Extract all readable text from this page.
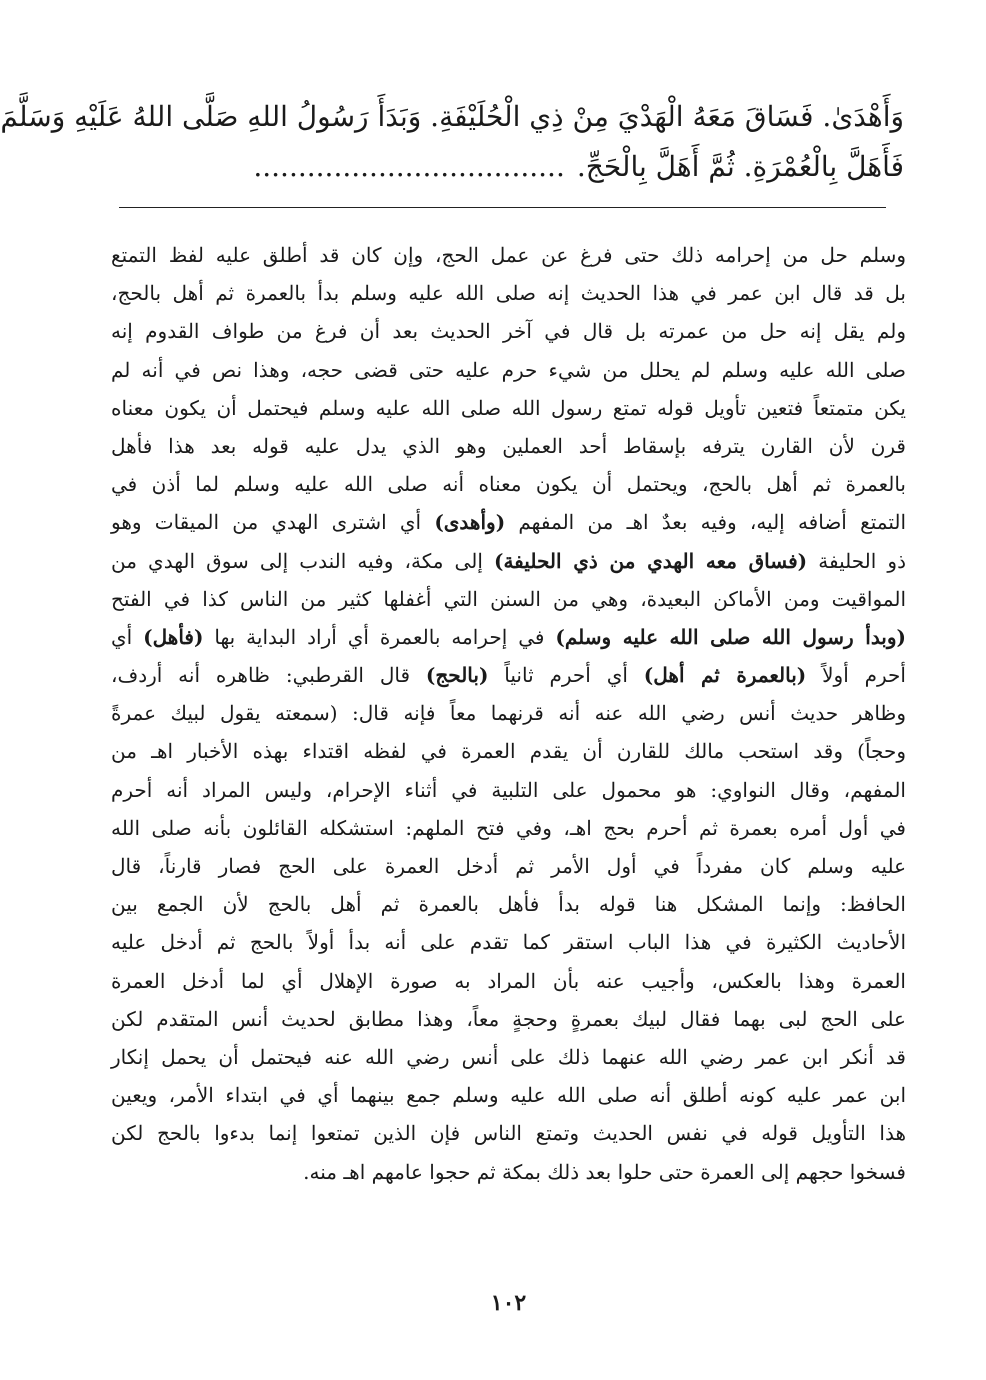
وَأَهْدَىٰ. فَسَاقَ مَعَهُ الْهَدْيَ مِنْ ذِي الْحُلَيْفَةِ. وَبَدَأَ رَسُولُ اللهِ صَلَّى اللهُ عَلَيْهِ وَسَلَّمَ
فَأَهَلَّ بِالْعُمْرَةِ. ثُمَّ أَهَلَّ بِالْحَجِّ....................................
وسلم حل من إحرامه ذلك حتى فرغ عن عمل الحج، وإن كان قد أطلق عليه لفظ التمتع
بل قد قال ابن عمر في هذا الحديث إنه صلى الله عليه وسلم بدأ بالعمرة ثم أهل بالحج،
ولم يقل إنه حل من عمرته بل قال في آخر الحديث بعد أن فرغ من طواف القدوم إنه
صلى الله عليه وسلم لم يحلل من شيء حرم عليه حتى قضى حجه، وهذا نص في أنه لم
يكن متمتعاً فتعين تأويل قوله تمتع رسول الله صلى الله عليه وسلم فيحتمل أن يكون معناه
قرن لأن القارن يترفه بإسقاط أحد العملين وهو الذي يدل عليه قوله بعد هذا فأهل
بالعمرة ثم أهل بالحج، ويحتمل أن يكون معناه أنه صلى الله عليه وسلم لما أذن في
التمتع أضافه إليه، وفيه بعدٌ اهـ من المفهم (وأهدى) أي اشترى الهدي من الميقات وهو
ذو الحليفة (فساق معه الهدي من ذي الحليفة) إلى مكة، وفيه الندب إلى سوق الهدي من
المواقيت ومن الأماكن البعيدة، وهي من السنن التي أغفلها كثير من الناس كذا في الفتح
(وبدأ رسول الله صلى الله عليه وسلم) في إحرامه بالعمرة أي أراد البداية بها (فأهل) أي
أحرم أولاً (بالعمرة ثم أهل) أي أحرم ثانياً (بالحج) قال القرطبي: ظاهره أنه أردف،
وظاهر حديث أنس رضي الله عنه أنه قرنهما معاً فإنه قال: (سمعته يقول لبيك عمرةً
وحجاً) وقد استحب مالك للقارن أن يقدم العمرة في لفظه اقتداء بهذه الأخبار اهـ من
المفهم، وقال النواوي: هو محمول على التلبية في أثناء الإحرام، وليس المراد أنه أحرم
في أول أمره بعمرة ثم أحرم بحج اهـ، وفي فتح الملهم: استشكله القائلون بأنه صلى الله
عليه وسلم كان مفرداً في أول الأمر ثم أدخل العمرة على الحج فصار قارناً، قال
الحافظ: وإنما المشكل هنا قوله بدأ فأهل بالعمرة ثم أهل بالحج لأن الجمع بين
الأحاديث الكثيرة في هذا الباب استقر كما تقدم على أنه بدأ أولاً بالحج ثم أدخل عليه
العمرة وهذا بالعكس، وأجيب عنه بأن المراد به صورة الإهلال أي لما أدخل العمرة
على الحج لبى بهما فقال لبيك بعمرةٍ وحجةٍ معاً، وهذا مطابق لحديث أنس المتقدم لكن
قد أنكر ابن عمر رضي الله عنهما ذلك على أنس رضي الله عنه فيحتمل أن يحمل إنكار
ابن عمر عليه كونه أطلق أنه صلى الله عليه وسلم جمع بينهما أي في ابتداء الأمر، ويعين
هذا التأويل قوله في نفس الحديث وتمتع الناس فإن الذين تمتعوا إنما بدءوا بالحج لكن
فسخوا حجهم إلى العمرة حتى حلوا بعد ذلك بمكة ثم حجوا عامهم اهـ منه.
١٠٢
